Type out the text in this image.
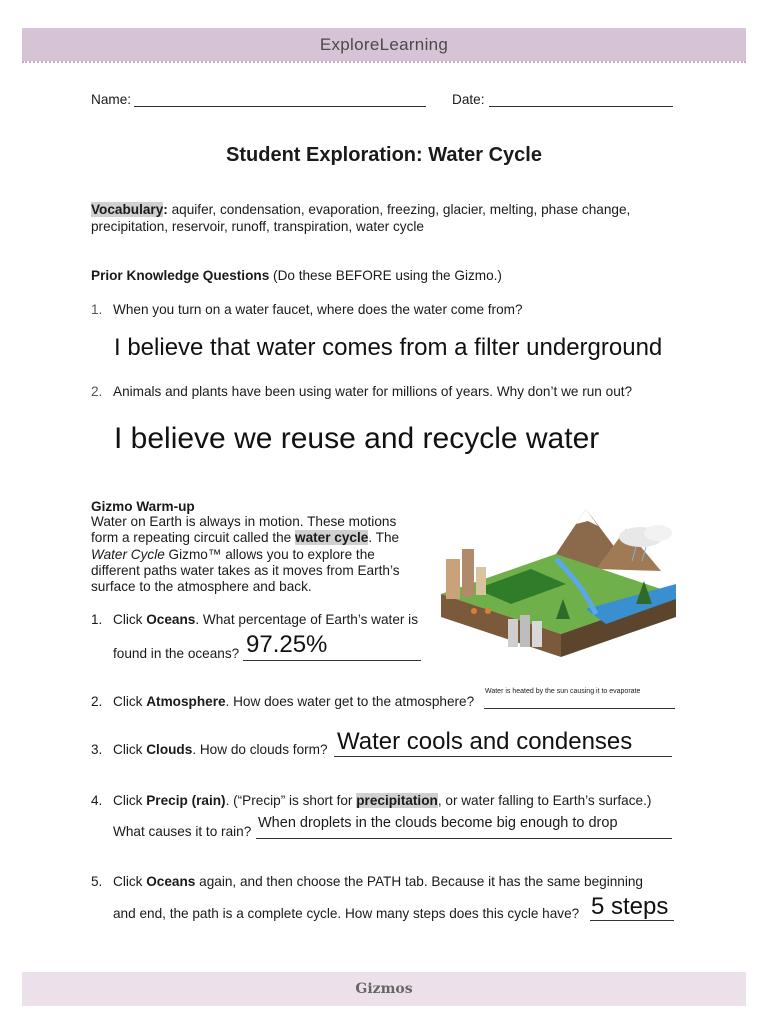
ExploreLearning
Name:	Date:
Student Exploration: Water Cycle
Vocabulary: aquifer, condensation, evaporation, freezing, glacier, melting, phase change,
precipitation, reservoir, runoff, transpiration, water cycle
Prior Knowledge Questions (Do these BEFORE using the Gizmo.)
1. When you turn on a water faucet, where does the water come from?
I believe that water comes from a filter underground
2. Animals and plants have been using water for millions of years. Why don’t we run out?
I believe we reuse and recycle water
Gizmo Warm-up
Water on Earth is always in motion. These motions
form a repeating circuit called the water cycle. The
Water Cycle Gizmo™ allows you to explore the
different paths water takes as it moves from Earth’s
surface to the atmosphere and back.
1. Click Oceans. What percentage of Earth’s water is
found in the oceans? 97.25%
2. Click Atmosphere. How does water get to the atmosphere?
Water is heated by the sun causing it to evaporate
3. Click Clouds. How do clouds form? Water cools and condenses
4. Click Precip (rain). (“Precip” is short for precipitation, or water falling to Earth’s surface.)
What causes it to rain?
When droplets in the clouds become big enough to drop
5. Click Oceans again, and then choose the PATH tab. Because it has the same beginning
and end, the path is a complete cycle. How many steps does this cycle have? 5 steps
Gizmos
